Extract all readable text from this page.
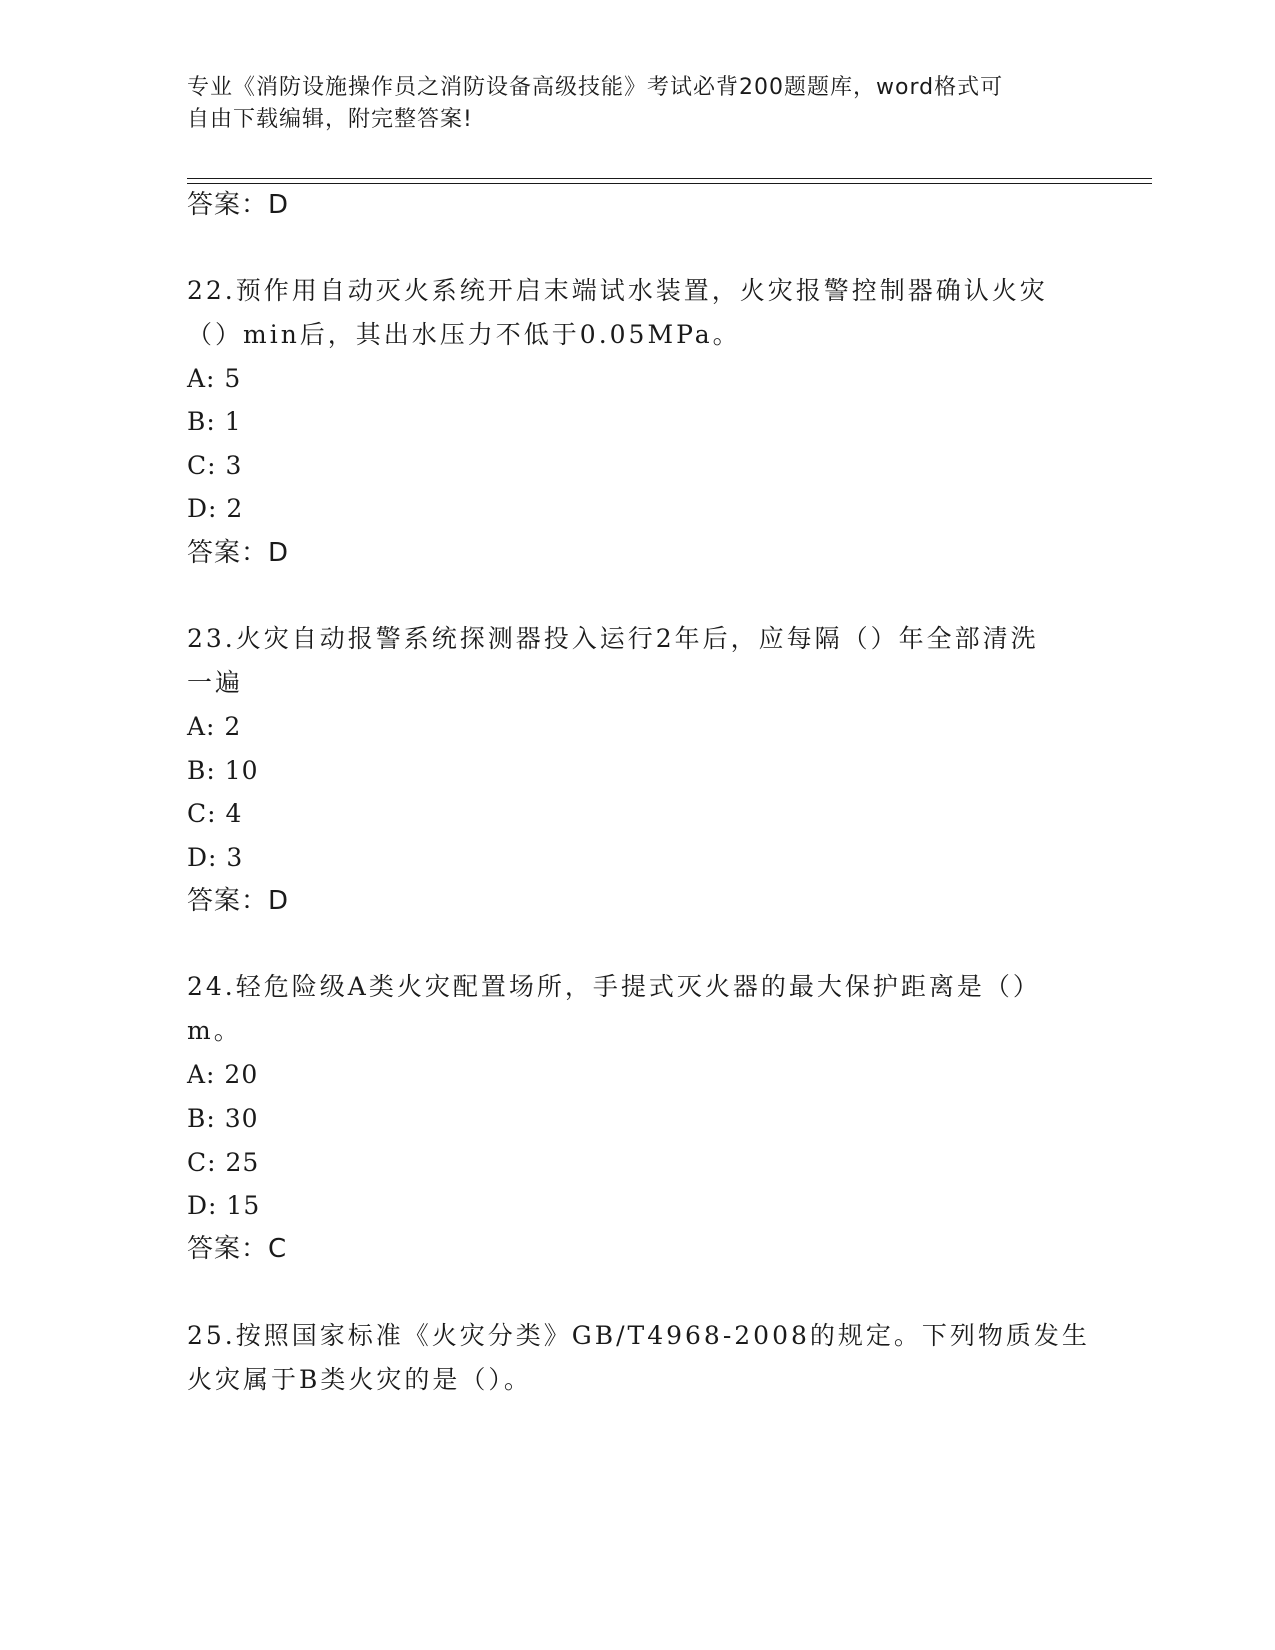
专业《消防设施操作员之消防设备高级技能》考试必背200题题库，word格式可
自由下载编辑，附完整答案!
答案：D
22.预作用自动灭火系统开启末端试水装置，火灾报警控制器确认火灾
（）min后，其出水压力不低于0.05MPa。
A: 5
B: 1
C: 3
D: 2
答案：D
23.火灾自动报警系统探测器投入运行2年后，应每隔（）年全部清洗
一遍
A: 2
B: 10
C: 4
D: 3
答案：D
24.轻危险级A类火灾配置场所，手提式灭火器的最大保护距离是（）
m。
A: 20
B: 30
C: 25
D: 15
答案：C
25.按照国家标准《火灾分类》GB/T4968-2008的规定。下列物质发生
火灾属于B类火灾的是（）。
